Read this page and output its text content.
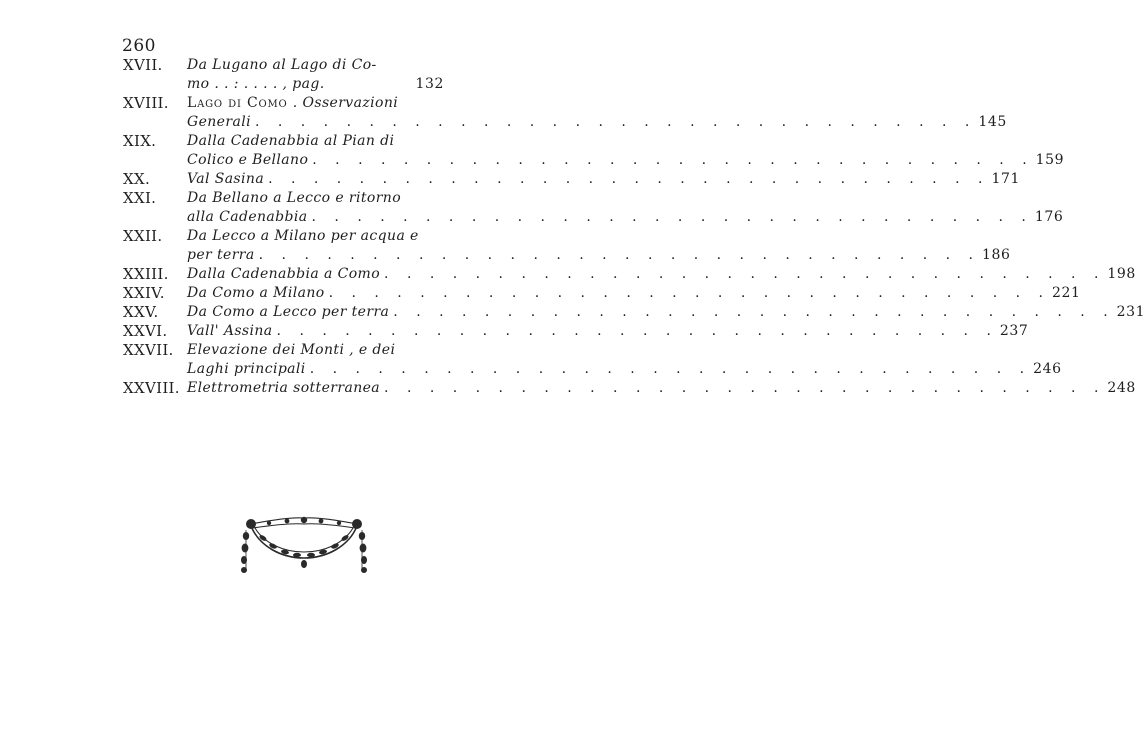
260
XVII. Da Lugano al Lago di Co-
mo . . : . . . . , pag.	132
XVIII. Lago di Como . Osservazioni
Generali . . . . . . . . . . . . . . . . . . . . . . . . . . . . . . . . 145
XIX. Dalla Cadenabbia al Pian di
Colico e Bellano . . . . . . . . . . . . . . . . . . . . . . . . . . . . . . . . 159
XX.	Val Sasina . . . . . . . . . . . . . . . . . . . . . . . . . . . . . . . . 171
XXI. Da Bellano a Lecco e ritorno
alla Cadenabbia . . . . . . . . . . . . . . . . . . . . . . . . . . . . . . . . 176
XXII. Da Lecco a Milano per acqua e
per terra . . . . . . . . . . . . . . . . . . . . . . . . . . . . . . . . 186
XXIII. Dalla Cadenabbia a Como . . . . . . . . . . . . . . . . . . . . . . . . . . . . . . . . 198
XXIV. Da Como a Milano . . . . . . . . . . . . . . . . . . . . . . . . . . . . . . . . 221
XXV. Da Como a Lecco per terra . . . . . . . . . . . . . . . . . . . . . . . . . . . . . . . . 231
XXVI. Vall' Assina . . . . . . . . . . . . . . . . . . . . . . . . . . . . . . . . 237
XXVII. Elevazione dei Monti , e dei
Laghi principali . . . . . . . . . . . . . . . . . . . . . . . . . . . . . . . . 246
XXVIII. Elettrometria sotterranea . . . . . . . . . . . . . . . . . . . . . . . . . . . . . . . . 248
